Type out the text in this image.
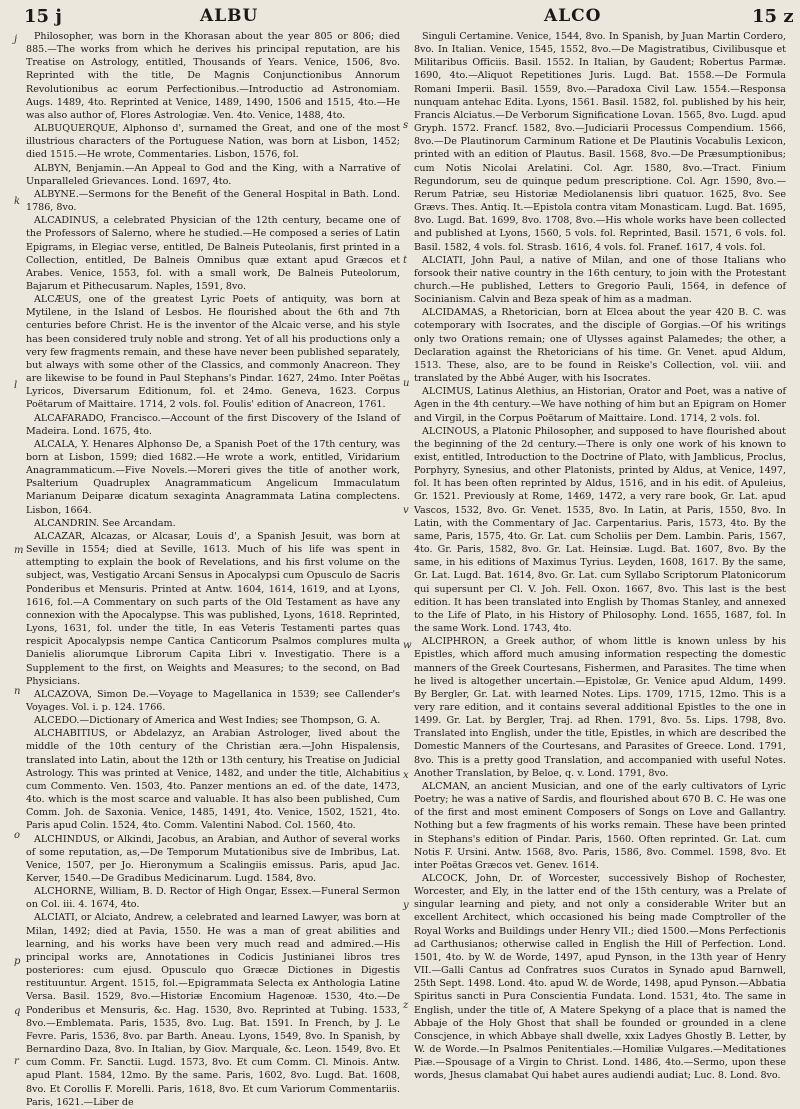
15 j	ALBU	ALCO	15 z
j
k
l
m
n
o
p
q
r
s
t
u
v
w
x
y
z

Philosopher, was born in the Khorasan about the year 805 or 806; died 885.—The works from which he derives his principal reputation, are his Treatise on Astrology, entitled, Thousands of Years. Venice, 1506, 8vo. Reprinted with the title, De Magnis Conjunctionibus Annorum Revolutionibus ac eorum Perfectionibus.—Introductio ad Astronomiam. Augs. 1489, 4to. Reprinted at Venice, 1489, 1490, 1506 and 1515, 4to.—He was also author of, Flores Astrologiæ. Ven. 4to. Venice, 1488, 4to.

ALBUQUERQUE, Alphonso d', surnamed the Great, and one of the most illustrious characters of the Portuguese Nation, was born at Lisbon, 1452; died 1515.—He wrote, Commentaries. Lisbon, 1576, fol.

ALBYN, Benjamin.—An Appeal to God and the King, with a Narrative of Unparalleled Grievances. Lond. 1697, 4to.

ALBYNE.—Sermons for the Benefit of the General Hospital in Bath. Lond. 1786, 8vo.

ALCADINUS, a celebrated Physician of the 12th century, became one of the Professors of Salerno, where he studied.—He composed a series of Latin Epigrams, in Elegiac verse, entitled, De Balneis Puteolanis, first printed in a Collection, entitled, De Balneis Omnibus quæ extant apud Græcos et Arabes. Venice, 1553, fol. with a small work, De Balneis Puteolorum, Bajarum et Pithecusarum. Naples, 1591, 8vo.

ALCÆUS, one of the greatest Lyric Poets of antiquity, was born at Mytilene, in the Island of Lesbos. He flourished about the 6th and 7th centuries before Christ. He is the inventor of the Alcaic verse, and his style has been considered truly noble and strong. Yet of all his productions only a very few fragments remain, and these have never been published separately, but always with some other of the Classics, and commonly Anacreon. They are likewise to be found in Paul Stephans's Pindar. 1627, 24mo. Inter Poëtas Lyricos, Diversarum Editionum, fol. et 24mo. Geneva, 1623. Corpus Poëtarum of Maittaire. 1714, 2 vols. fol. Foulis' edition of Anacreon, 1761.

ALCAFARADO, Francisco.—Account of the first Discovery of the Island of Madeira. Lond. 1675, 4to.

ALCALA, Y. Henares Alphonso De, a Spanish Poet of the 17th century, was born at Lisbon, 1599; died 1682.—He wrote a work, entitled, Viridarium Anagrammaticum.—Five Novels.—Moreri gives the title of another work, Psalterium Quadruplex Anagrammaticum Angelicum Immaculatum Marianum Deiparæ dicatum sexaginta Anagrammata Latina complectens. Lisbon, 1664.

ALCANDRIN. See Arcandam.

ALCAZAR, Alcazas, or Alcasar, Louis d', a Spanish Jesuit, was born at Seville in 1554; died at Seville, 1613. Much of his life was spent in attempting to explain the book of Revelations, and his first volume on the subject, was, Vestigatio Arcani Sensus in Apocalypsi cum Opusculo de Sacris Ponderibus et Mensuris. Printed at Antw. 1604, 1614, 1619, and at Lyons, 1616, fol.—A Commentary on such parts of the Old Testament as have any connexion with the Apocalypse. This was published, Lyons, 1618. Reprinted, Lyons, 1631, fol. under the title, In eas Veteris Testamenti partes quas respicit Apocalypsis nempe Cantica Canticorum Psalmos complures multa Danielis aliorumque Librorum Capita Libri v. Investigatio. There is a Supplement to the first, on Weights and Measures; to the second, on Bad Physicians.

ALCAZOVA, Simon De.—Voyage to Magellanica in 1539; see Callender's Voyages. Vol. i. p. 124. 1766.

ALCEDO.—Dictionary of America and West Indies; see Thompson, G. A.

ALCHABITIUS, or Abdelazyz, an Arabian Astrologer, lived about the middle of the 10th century of the Christian æra.—John Hispalensis, translated into Latin, about the 12th or 13th century, his Treatise on Judicial Astrology. This was printed at Venice, 1482, and under the title, Alchabitius cum Commento. Ven. 1503, 4to. Panzer mentions an ed. of the date, 1473, 4to. which is the most scarce and valuable. It has also been published, Cum Comm. Joh. de Saxonia. Venice, 1485, 1491, 4to. Venice, 1502, 1521, 4to. Paris apud Colin. 1524, 4to. Comm. Valentini Nabod. Col. 1560, 4to.

ALCHINDUS, or Alkindi, Jacobus, an Arabian, and Author of several works of some reputation, as,—De Temporum Mutationibus sive de Imbribus, Lat. Venice, 1507, per Jo. Hieronymum a Scalingiis emissus. Paris, apud Jac. Kerver, 1540.—De Gradibus Medicinarum. Lugd. 1584, 8vo.

ALCHORNE, William, B. D. Rector of High Ongar, Essex.—Funeral Sermon on Col. iii. 4. 1674, 4to.

ALCIATI, or Alciato, Andrew, a celebrated and learned Lawyer, was born at Milan, 1492; died at Pavia, 1550. He was a man of great abilities and learning, and his works have been very much read and admired.—His principal works are, Annotationes in Codicis Justinianei libros tres posteriores: cum ejusd. Opusculo quo Græcæ Dictiones in Digestis restituuntur. Argent. 1515, fol.—Epigrammata Selecta ex Anthologia Latine Versa. Basil. 1529, 8vo.—Historiæ Encomium Hagenoæ. 1530, 4to.—De Ponderibus et Mensuris, &c. Hag. 1530, 8vo. Reprinted at Tubing. 1533, 8vo.—Emblemata. Paris, 1535, 8vo. Lug. Bat. 1591. In French, by J. Le Fevre. Paris, 1536, 8vo. par Barth. Aneau. Lyons, 1549, 8vo. In Spanish, by Bernardino Daza, 8vo. In Italian, by Giov. Marquale, &c. Leon. 1549, 8vo. Et cum Comm. Fr. Sanctii. Lugd. 1573, 8vo. Et cum Comm. Cl. Minois. Antw. apud Plant. 1584, 12mo. By the same. Paris, 1602, 8vo. Lugd. Bat. 1608, 8vo. Et Corollis F. Morelli. Paris, 1618, 8vo. Et cum Variorum Commentariis. Paris, 1621.—Liber de

Singuli Certamine. Venice, 1544, 8vo. In Spanish, by Juan Martin Cordero, 8vo. In Italian. Venice, 1545, 1552, 8vo.—De Magistratibus, Civilibusque et Militaribus Officiis. Basil. 1552. In Italian, by Gaudent; Robertus Parmæ. 1690, 4to.—Aliquot Repetitiones Juris. Lugd. Bat. 1558.—De Formula Romani Imperii. Basil. 1559, 8vo.—Paradoxa Civil Law. 1554.—Responsa nunquam antehac Edita. Lyons, 1561. Basil. 1582, fol. published by his heir, Francis Alciatus.—De Verborum Significatione Lovan. 1565, 8vo. Lugd. apud Gryph. 1572. Francf. 1582, 8vo.—Judiciarii Processus Compendium. 1566, 8vo.—De Plautinorum Carminum Ratione et De Plautinis Vocabulis Lexicon, printed with an edition of Plautus. Basil. 1568, 8vo.—De Præsumptionibus; cum Notis Nicolai Arelatini. Col. Agr. 1580, 8vo.—Tract. Finium Regundorum, seu de quinque pedum prescriptione. Col. Agr. 1590, 8vo.—Rerum Patriæ, seu Historiæ Mediolanensis libri quatuor. 1625, 8vo. See Grævs. Thes. Antiq. It.—Epistola contra vitam Monasticam. Lugd. Bat. 1695, 8vo. Lugd. Bat. 1699, 8vo. 1708, 8vo.—His whole works have been collected and published at Lyons, 1560, 5 vols. fol. Reprinted, Basil. 1571, 6 vols. fol. Basil. 1582, 4 vols. fol. Strasb. 1616, 4 vols. fol. Franef. 1617, 4 vols. fol.

ALCIATI, John Paul, a native of Milan, and one of those Italians who forsook their native country in the 16th century, to join with the Protestant church.—He published, Letters to Gregorio Pauli, 1564, in defence of Socinianism. Calvin and Beza speak of him as a madman.

ALCIDAMAS, a Rhetorician, born at Elcea about the year 420 B. C. was cotemporary with Isocrates, and the disciple of Gorgias.—Of his writings only two Orations remain; one of Ulysses against Palamedes; the other, a Declaration against the Rhetoricians of his time. Gr. Venet. apud Aldum, 1513. These, also, are to be found in Reiske's Collection, vol. viii. and translated by the Abbé Auger, with his Isocrates.

ALCIMUS, Latinus Alethius, an Historian, Orator and Poet, was a native of Agen in the 4th century.—We have nothing of him but an Epigram on Homer and Virgil, in the Corpus Poëtarum of Maittaire. Lond. 1714, 2 vols. fol.

ALCINOUS, a Platonic Philosopher, and supposed to have flourished about the beginning of the 2d century.—There is only one work of his known to exist, entitled, Introduction to the Doctrine of Plato, with Jamblicus, Proclus, Porphyry, Synesius, and other Platonists, printed by Aldus, at Venice, 1497, fol. It has been often reprinted by Aldus, 1516, and in his edit. of Apuleius, Gr. 1521. Previously at Rome, 1469, 1472, a very rare book, Gr. Lat. apud Vascos, 1532, 8vo. Gr. Venet. 1535, 8vo. In Latin, at Paris, 1550, 8vo. In Latin, with the Commentary of Jac. Carpentarius. Paris, 1573, 4to. By the same, Paris, 1575, 4to. Gr. Lat. cum Scholiis per Dem. Lambin. Paris, 1567, 4to. Gr. Paris, 1582, 8vo. Gr. Lat. Heinsiæ. Lugd. Bat. 1607, 8vo. By the same, in his editions of Maximus Tyrius. Leyden, 1608, 1617. By the same, Gr. Lat. Lugd. Bat. 1614, 8vo. Gr. Lat. cum Syllabo Scriptorum Platonicorum qui supersunt per Cl. V. Joh. Fell. Oxon. 1667, 8vo. This last is the best edition. It has been translated into English by Thomas Stanley, and annexed to the Life of Plato, in his History of Philosophy. Lond. 1655, 1687, fol. In the same Work. Lond. 1743, 4to.

ALCIPHRON, a Greek author, of whom little is known unless by his Epistles, which afford much amusing information respecting the domestic manners of the Greek Courtesans, Fishermen, and Parasites. The time when he lived is altogether uncertain.—Epistolæ, Gr. Venice apud Aldum, 1499. By Bergler, Gr. Lat. with learned Notes. Lips. 1709, 1715, 12mo. This is a very rare edition, and it contains several additional Epistles to the one in 1499. Gr. Lat. by Bergler, Traj. ad Rhen. 1791, 8vo. 5s. Lips. 1798, 8vo. Translated into English, under the title, Epistles, in which are described the Domestic Manners of the Courtesans, and Parasites of Greece. Lond. 1791, 8vo. This is a pretty good Translation, and accompanied with useful Notes. Another Translation, by Beloe, q. v. Lond. 1791, 8vo.

ALCMAN, an ancient Musician, and one of the early cultivators of Lyric Poetry; he was a native of Sardis, and flourished about 670 B. C. He was one of the first and most eminent Composers of Songs on Love and Gallantry. Nothing but a few fragments of his works remain. These have been printed in Stephans's edition of Pindar. Paris, 1560. Often reprinted. Gr. Lat. cum Notis F. Ursini. Antw. 1568, 8vo. Paris, 1586, 8vo. Commel. 1598, 8vo. Et inter Poëtas Græcos vet. Genev. 1614.

ALCOCK, John, Dr. of Worcester, successively Bishop of Rochester, Worcester, and Ely, in the latter end of the 15th century, was a Prelate of singular learning and piety, and not only a considerable Writer but an excellent Architect, which occasioned his being made Comptroller of the Royal Works and Buildings under Henry VII.; died 1500.—Mons Perfectionis ad Carthusianos; otherwise called in English the Hill of Perfection. Lond. 1501, 4to. by W. de Worde, 1497, apud Pynson, in the 13th year of Henry VII.—Galli Cantus ad Confratres suos Curatos in Synado apud Barnwell, 25th Sept. 1498. Lond. 4to. apud W. de Worde, 1498, apud Pynson.—Abbatia Spiritus sancti in Pura Conscientia Fundata. Lond. 1531, 4to. The same in English, under the title of, A Matere Spekyng of a place that is named the Abbaje of the Holy Ghost that shall be founded or grounded in a clene Conscjence, in which Abbaye shall dwelle, xxix Ladyes Ghostly B. Letter, by W. de Worde.—In Psalmos Penitentiales.—Homiliæ Vulgares.—Meditationes Piæ.—Spousage of a Virgin to Christ. Lond. 1486, 4to.—Sermo, upon these words, Jhesus clamabat Qui habet aures audiendi audiat; Luc. 8. Lond. 8vo.
